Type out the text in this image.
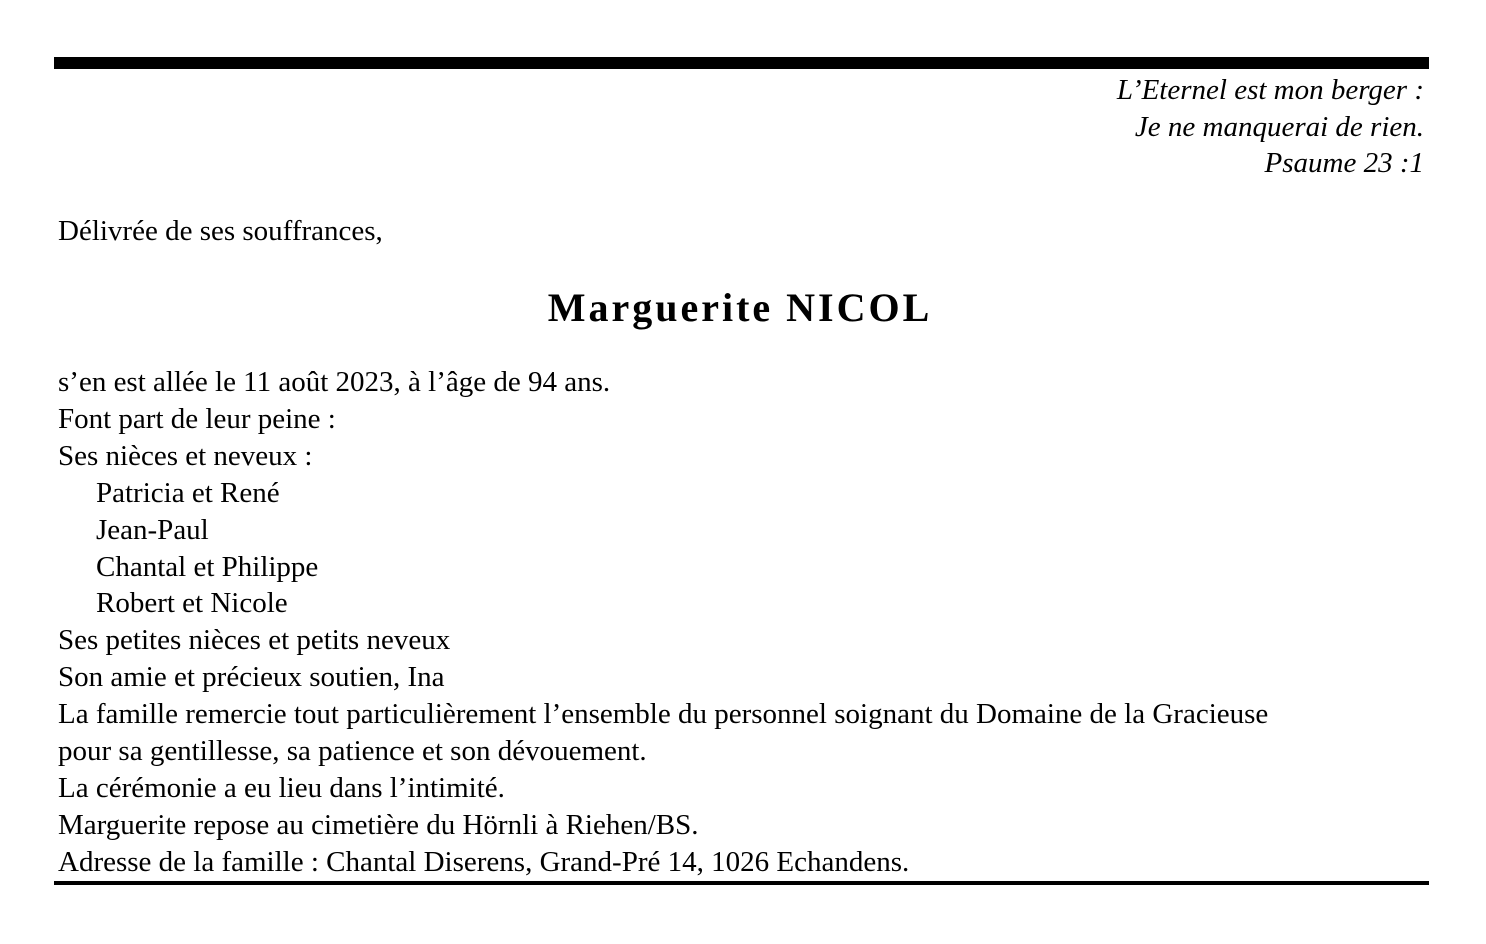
L’Eternel est mon berger :
Je ne manquerai de rien.
Psaume 23 :1
Délivrée de ses souffrances,
Marguerite NICOL
s’en est allée le 11 août 2023, à l’âge de 94 ans.
Font part de leur peine :
Ses nièces et neveux :
Patricia et René
Jean-Paul
Chantal et Philippe
Robert et Nicole
Ses petites nièces et petits neveux
Son amie et précieux soutien, Ina
La famille remercie tout particulièrement l’ensemble du personnel soignant du Domaine de la Gracieuse
pour sa gentillesse, sa patience et son dévouement.
La cérémonie a eu lieu dans l’intimité.
Marguerite repose au cimetière du Hörnli à Riehen/BS.
Adresse de la famille : Chantal Diserens, Grand-Pré 14, 1026 Echandens.
